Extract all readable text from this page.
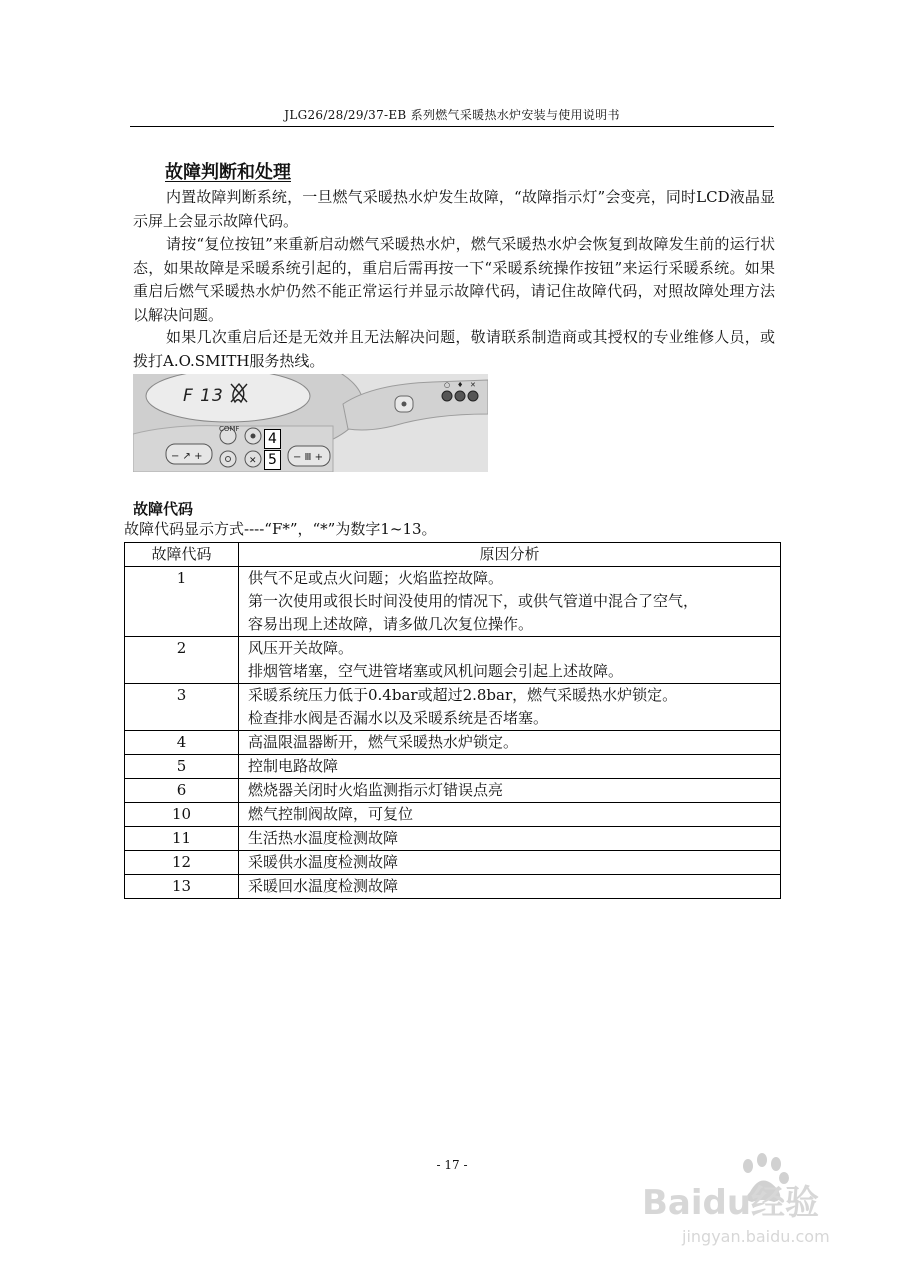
JLG26/28/29/37-EB 系列燃气采暖热水炉安装与使用说明书
故障判断和处理
内置故障判断系统，一旦燃气采暖热水炉发生故障，“故障指示灯”会变亮，同时LCD液晶显示屏上会显示故障代码。
请按“复位按钮”来重新启动燃气采暖热水炉，燃气采暖热水炉会恢复到故障发生前的运行状态，如果故障是采暖系统引起的，重启后需再按一下“采暖系统操作按钮”来运行采暖系统。如果重启后燃气采暖热水炉仍然不能正常运行并显示故障代码，请记住故障代码，对照故障处理方法以解决问题。
如果几次重启后还是无效并且无法解决问题，敬请联系制造商或其授权的专业维修人员，或拨打A.O.SMITH服务热线。
○ ♦ ✕
− ↗ +	✕	− Ⅲ +
F 13
COMF
4
5
故障代码
故障代码显示方式----“F*”，“*”为数字1~13。
故障代码	原因分析
1	供气不足或点火问题；火焰监控故障。
第一次使用或很长时间没使用的情况下，或供气管道中混合了空气，
容易出现上述故障，请多做几次复位操作。

2	风压开关故障。
排烟管堵塞，空气进管堵塞或风机问题会引起上述故障。

3	采暖系统压力低于0.4bar或超过2.8bar，燃气采暖热水炉锁定。
检查排水阀是否漏水以及采暖系统是否堵塞。

4	高温限温器断开，燃气采暖热水炉锁定。

5	控制电路故障

6	燃烧器关闭时火焰监测指示灯错误点亮

10	燃气控制阀故障，可复位

11	生活热水温度检测故障

12	采暖供水温度检测故障

13	采暖回水温度检测故障
- 17 -
Baidu经验
jingyan.baidu.com
